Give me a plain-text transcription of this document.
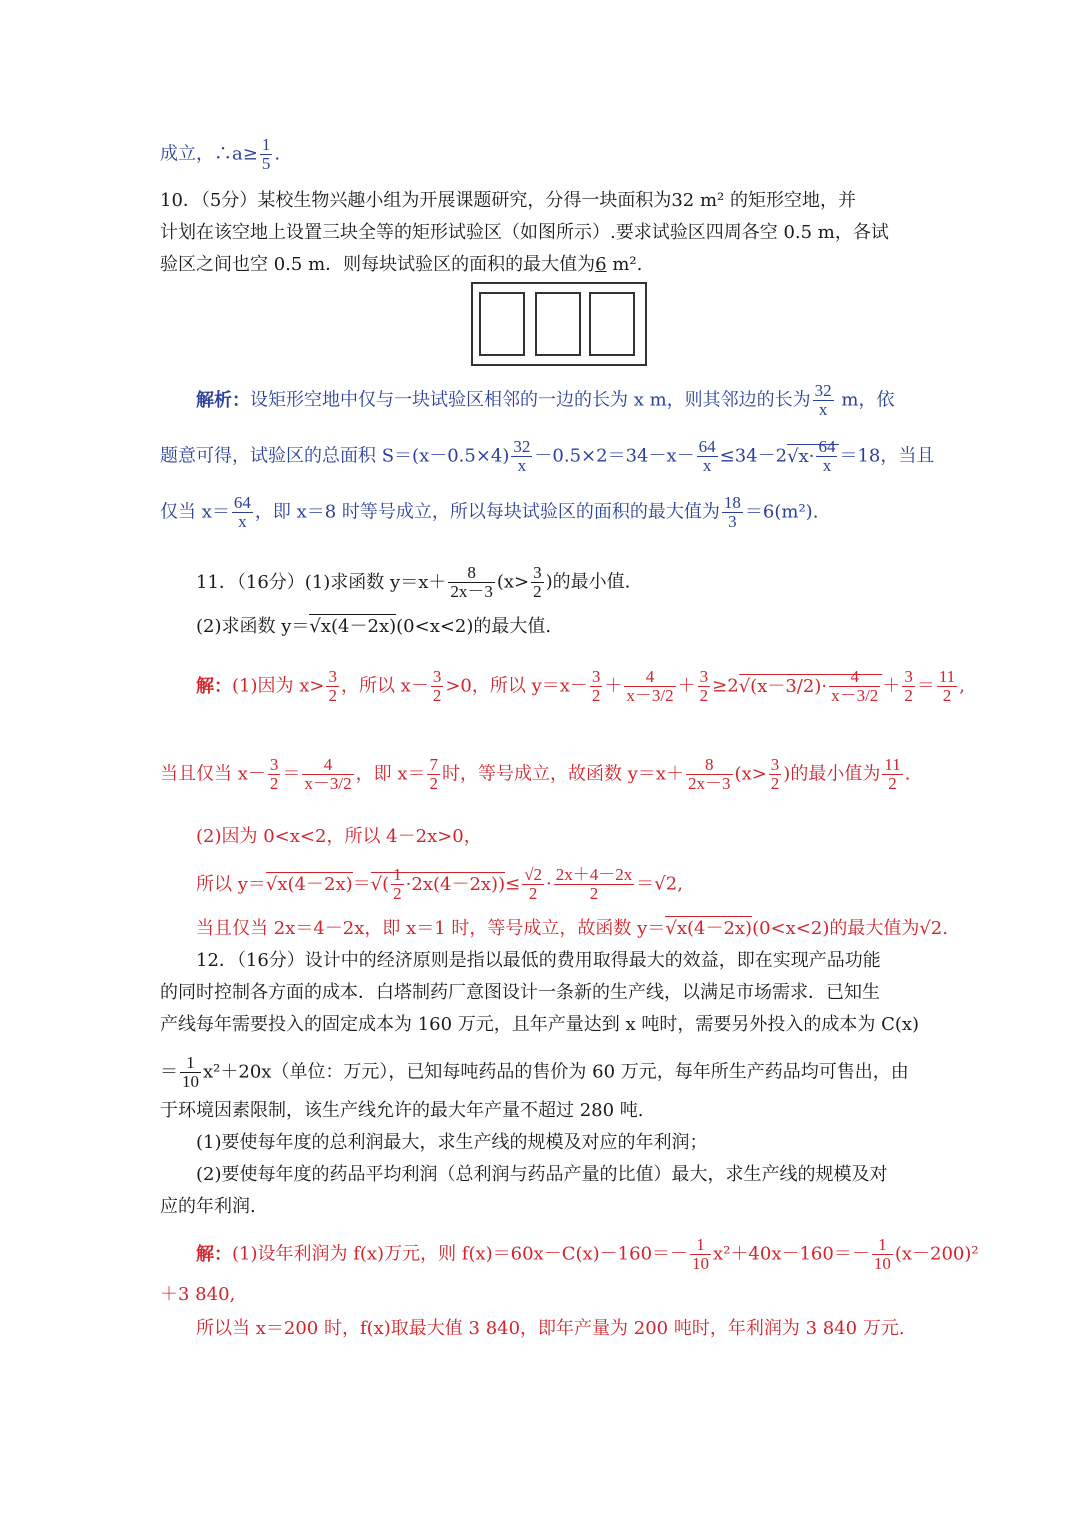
成立，∴a≥ $\frac{1}{5}$ .
10．（5分）某校生物兴趣小组为开展课题研究，分得一块面积为32 m² 的矩形空地，并
计划在该空地上设置三块全等的矩形试验区（如图所示）.要求试验区四周各空 0.5 m，各试
验区之间也空 0.5 m．则每块试验区的面积的最大值为6 m².
解析：设矩形空地中仅与一块试验区相邻的一边的长为 x m，则其邻边的长为 $\frac{32}{x}$ m，依
题意可得，试验区的总面积 $S=(x-0.5\times 4) \frac{32}{x} -0.5\times 2=34-x- \frac{64}{x} \le 34-2√x\cdot \frac{64}{x} =18$，当且
仅当 $x= \frac{64}{x}$ ，即 x＝8 时等号成立，所以每块试验区的面积的最大值为 $\frac{18}{3} =6(m^2)$.
11．（16分）(1)求函数 $y=x+ \frac{8}{2x-3} (x> \frac{3}{2}$ )的最小值.
(2)求函数 y＝√x(4－2x)(0<x<2)的最大值.
解：(1)因为 $x> \frac{3}{2}$ ，所以 $x- \frac{3}{2} >0$，所以 $y=x- \frac{3}{2} + \frac{4}{x-3/2} + \frac{3}{2} \ge 2√(x-3/2)\cdot \frac{4}{x-3/2} + \frac{3}{2} = \frac{11}{2}$ ,
当且仅当 $x- \frac{3}{2} = \frac{4}{x-3/2}$ ，即 $x= \frac{7}{2}$ 时，等号成立，故函数 $y=x+ \frac{8}{2x-3} (x> \frac{3}{2}$ )的最小值为 $\frac{11}{2}$ .
(2)因为 0<x<2，所以 4－2x>0，
所以 $y=√x(4-2x)=√( \frac{1}{2} \cdot 2x(4-2x))\le \frac{√2}{2} \cdot \frac{2x+4-2x}{2} =√2$,
当且仅当 2x＝4－2x，即 x＝1 时，等号成立，故函数 y＝√x(4－2x)(0<x<2)的最大值为√2.
12．（16分）设计中的经济原则是指以最低的费用取得最大的效益，即在实现产品功能
的同时控制各方面的成本．白塔制药厂意图设计一条新的生产线，以满足市场需求．已知生
产线每年需要投入的固定成本为 160 万元，且年产量达到 x 吨时，需要另外投入的成本为 C(x)
＝ $\frac{1}{10} x^2+20x$（单位：万元），已知每吨药品的售价为 60 万元，每年所生产药品均可售出，由
于环境因素限制，该生产线允许的最大年产量不超过 280 吨.
(1)要使每年度的总利润最大，求生产线的规模及对应的年利润；
(2)要使每年度的药品平均利润（总利润与药品产量的比值）最大，求生产线的规模及对
应的年利润.
解：(1)设年利润为 f(x)万元，则 $f(x)=60x-C(x)-160=- \frac{1}{10} x^2+40x-160=- \frac{1}{10} (x-200)^2$
＋3 840,
所以当 x＝200 时，f(x)取最大值 3 840，即年产量为 200 吨时，年利润为 3 840 万元.
